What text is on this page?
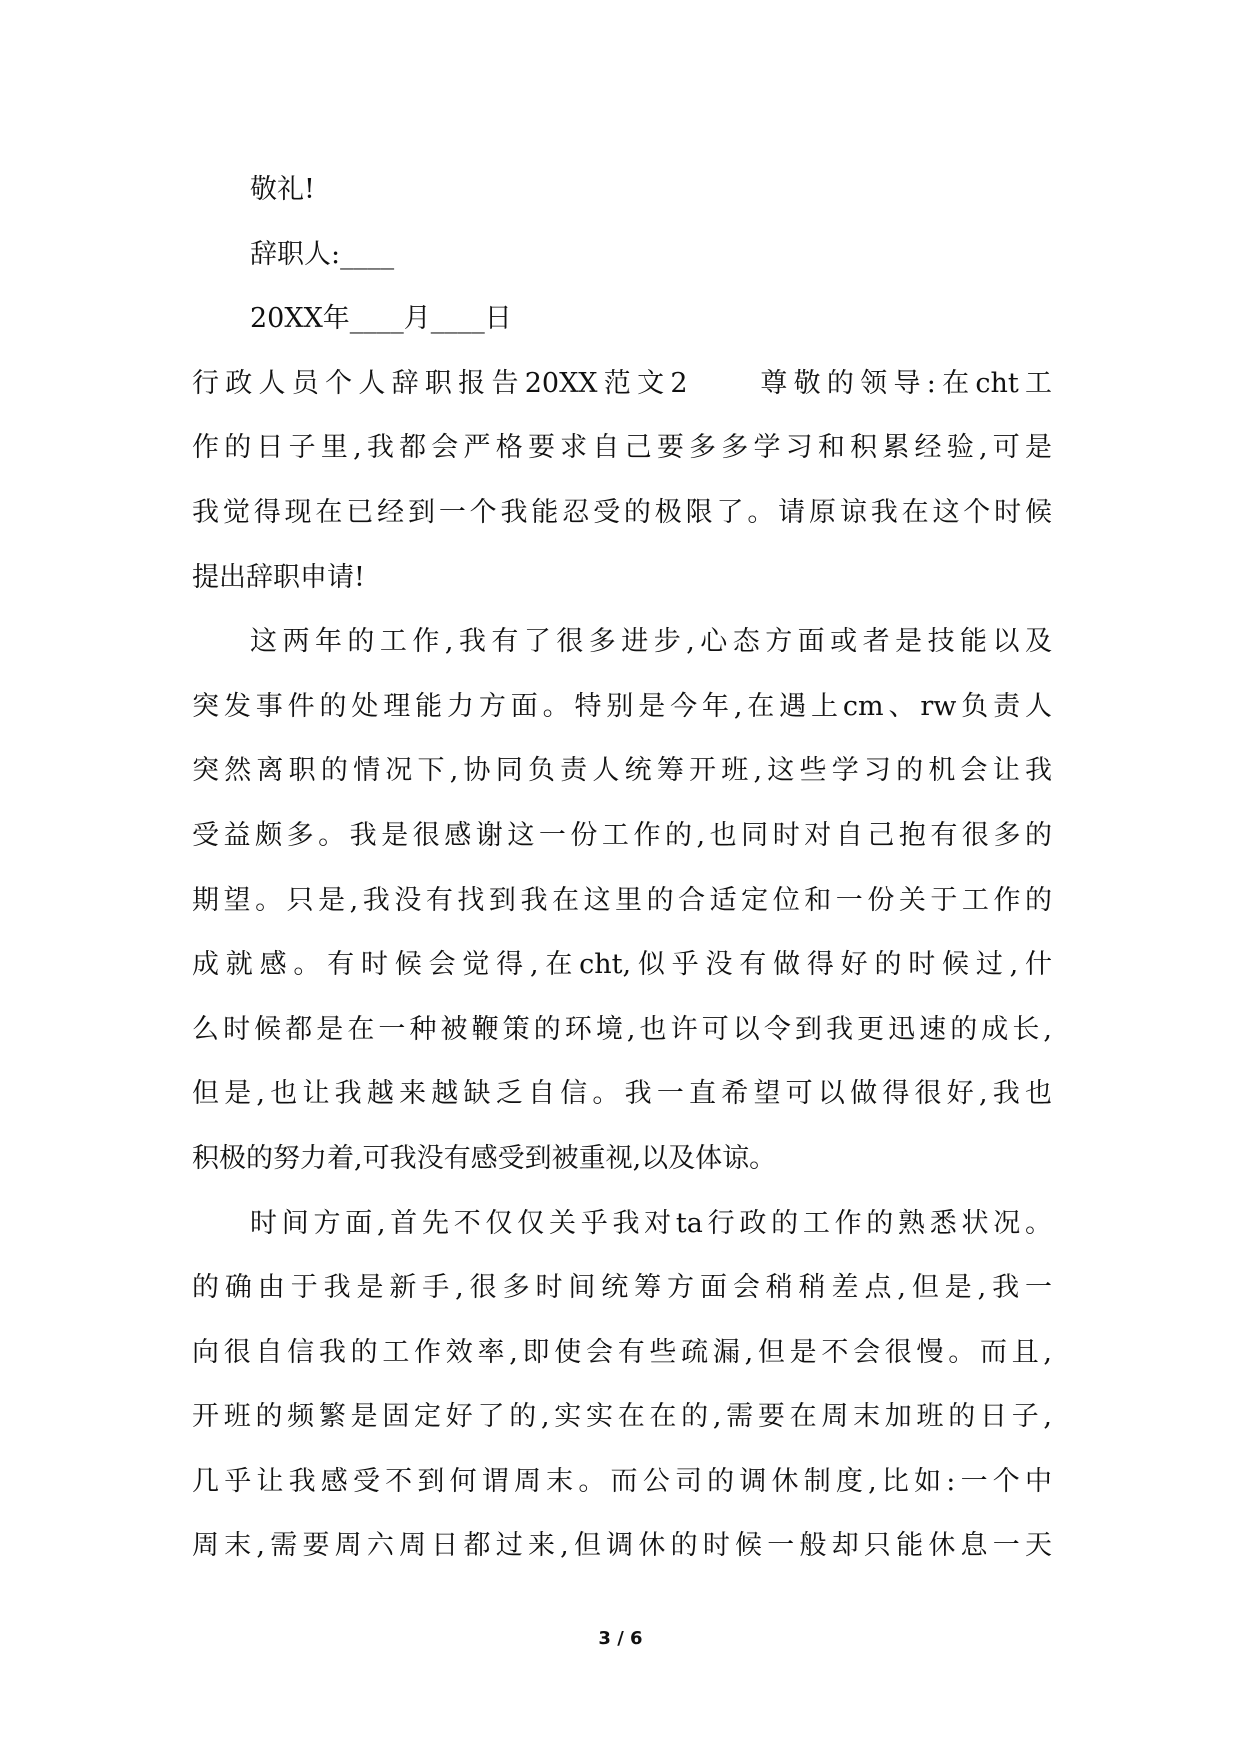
敬礼!
辞职人:____
20XX年____月____日
行政人员个人辞职报告20XX范文2　　尊敬的领导:在cht工
作的日子里,我都会严格要求自己要多多学习和积累经验,可是
我觉得现在已经到一个我能忍受的极限了。请原谅我在这个时候
提出辞职申请!
这两年的工作,我有了很多进步,心态方面或者是技能以及
突发事件的处理能力方面。特别是今年,在遇上cm、rw负责人
突然离职的情况下,协同负责人统筹开班,这些学习的机会让我
受益颇多。我是很感谢这一份工作的,也同时对自己抱有很多的
期望。只是,我没有找到我在这里的合适定位和一份关于工作的
成就感。有时候会觉得,在cht,似乎没有做得好的时候过,什
么时候都是在一种被鞭策的环境,也许可以令到我更迅速的成长,
但是,也让我越来越缺乏自信。我一直希望可以做得很好,我也
积极的努力着,可我没有感受到被重视,以及体谅。
时间方面,首先不仅仅关乎我对ta行政的工作的熟悉状况。
的确由于我是新手,很多时间统筹方面会稍稍差点,但是,我一
向很自信我的工作效率,即使会有些疏漏,但是不会很慢。而且,
开班的频繁是固定好了的,实实在在的,需要在周末加班的日子,
几乎让我感受不到何谓周末。而公司的调休制度,比如:一个中
周末,需要周六周日都过来,但调休的时候一般却只能休息一天
3 / 6
